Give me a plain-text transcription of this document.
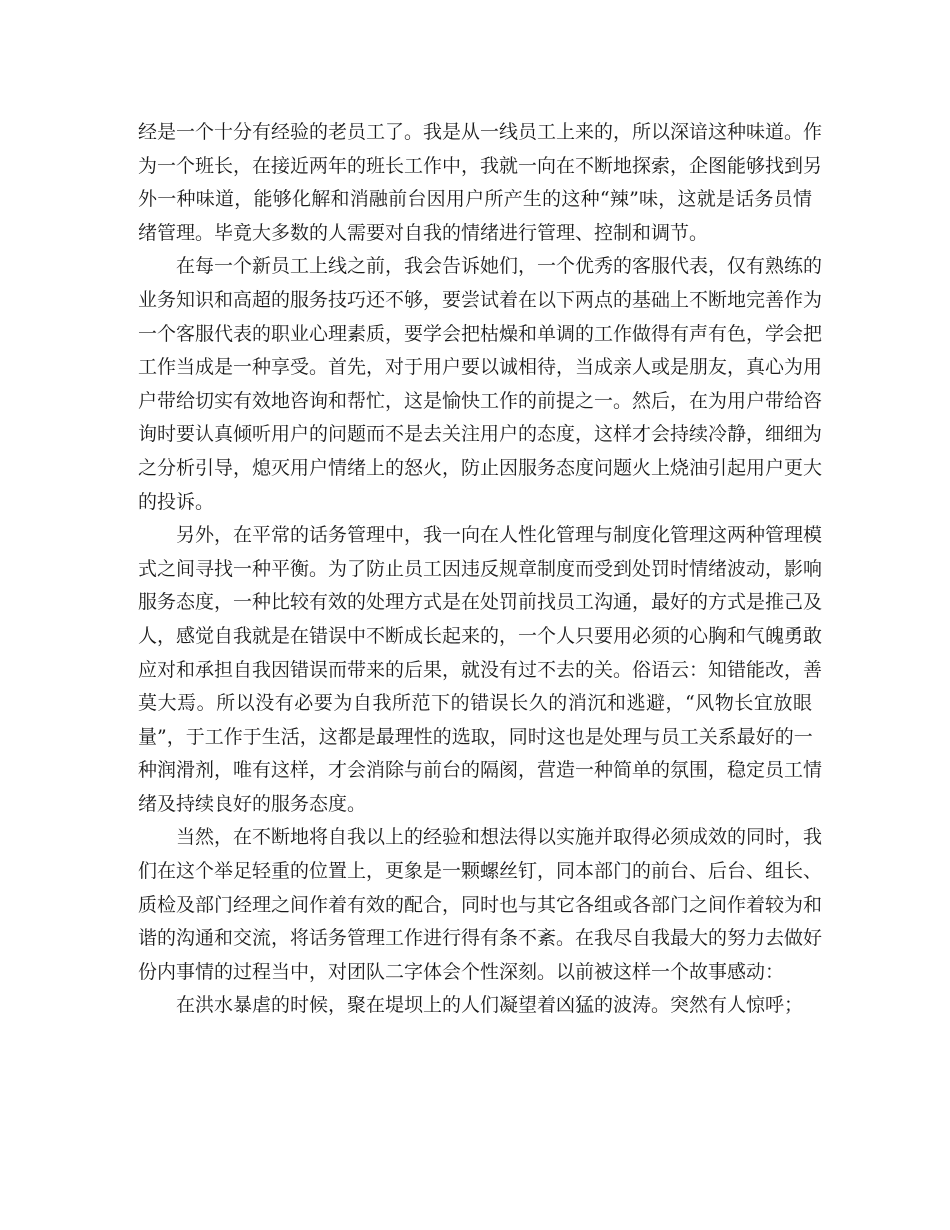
经是一个十分有经验的老员工了。我是从一线员工上来的，所以深谙这种味道。作
为一个班长，在接近两年的班长工作中，我就一向在不断地探索，企图能够找到另
外一种味道，能够化解和消融前台因用户所产生的这种“辣”味，这就是话务员情
绪管理。毕竟大多数的人需要对自我的情绪进行管理、控制和调节。
在每一个新员工上线之前，我会告诉她们，一个优秀的客服代表，仅有熟练的
业务知识和高超的服务技巧还不够，要尝试着在以下两点的基础上不断地完善作为
一个客服代表的职业心理素质，要学会把枯燥和单调的工作做得有声有色，学会把
工作当成是一种享受。首先，对于用户要以诚相待，当成亲人或是朋友，真心为用
户带给切实有效地咨询和帮忙，这是愉快工作的前提之一。然后，在为用户带给咨
询时要认真倾听用户的问题而不是去关注用户的态度，这样才会持续冷静，细细为
之分析引导，熄灭用户情绪上的怒火，防止因服务态度问题火上烧油引起用户更大
的投诉。
另外，在平常的话务管理中，我一向在人性化管理与制度化管理这两种管理模
式之间寻找一种平衡。为了防止员工因违反规章制度而受到处罚时情绪波动，影响
服务态度，一种比较有效的处理方式是在处罚前找员工沟通，最好的方式是推己及
人，感觉自我就是在错误中不断成长起来的，一个人只要用必须的心胸和气魄勇敢
应对和承担自我因错误而带来的后果，就没有过不去的关。俗语云：知错能改，善
莫大焉。所以没有必要为自我所范下的错误长久的消沉和逃避，“风物长宜放眼
量”，于工作于生活，这都是最理性的选取，同时这也是处理与员工关系最好的一
种润滑剂，唯有这样，才会消除与前台的隔阂，营造一种简单的氛围，稳定员工情
绪及持续良好的服务态度。
当然，在不断地将自我以上的经验和想法得以实施并取得必须成效的同时，我
们在这个举足轻重的位置上，更象是一颗螺丝钉，同本部门的前台、后台、组长、
质检及部门经理之间作着有效的配合，同时也与其它各组或各部门之间作着较为和
谐的沟通和交流，将话务管理工作进行得有条不紊。在我尽自我最大的努力去做好
份内事情的过程当中，对团队二字体会个性深刻。以前被这样一个故事感动：
在洪水暴虐的时候，聚在堤坝上的人们凝望着凶猛的波涛。突然有人惊呼；
